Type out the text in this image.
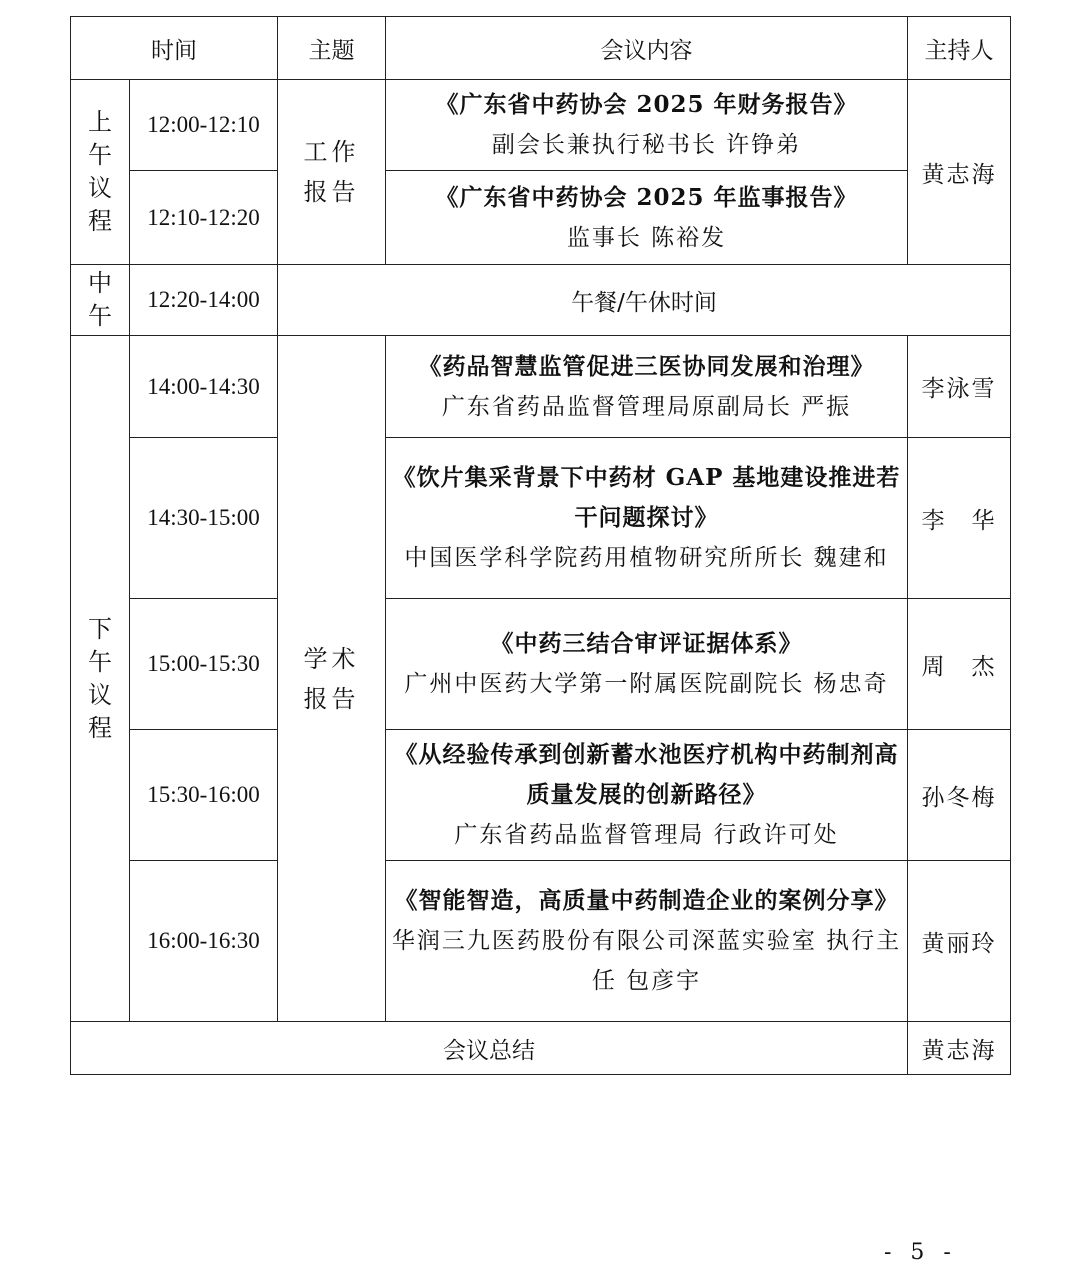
时间		主题	会议内容	主持人

上午议程	12:00-12:10	工作报告	《广东省中药协会 2025 年财务报告》
副会长兼执行秘书长 许铮弟	黄志海
	12:10-12:20		《广东省中药协会 2025 年监事报告》
监事长 陈裕发	

中午	12:20-14:00	午餐/午休时间		

下午议程	14:00-14:30	学术报告	《药品智慧监管促进三医协同发展和治理》
广东省药品监督管理局原副局长 严振	李泳雪
	14:30-15:00		《饮片集采背景下中药材 GAP 基地建设推进若干问题探讨》
中国医学科学院药用植物研究所所长 魏建和	李　华
	15:00-15:30		《中药三结合审评证据体系》
广州中医药大学第一附属医院副院长 杨忠奇	周　杰
	15:30-16:00		《从经验传承到创新蓄水池医疗机构中药制剂高质量发展的创新路径》
广东省药品监督管理局 行政许可处	孙冬梅
	16:00-16:30		《智能智造，高质量中药制造企业的案例分享》
华润三九医药股份有限公司深蓝实验室 执行主任 包彦宇	黄丽玲
会议总结				黄志海
- 5 -
